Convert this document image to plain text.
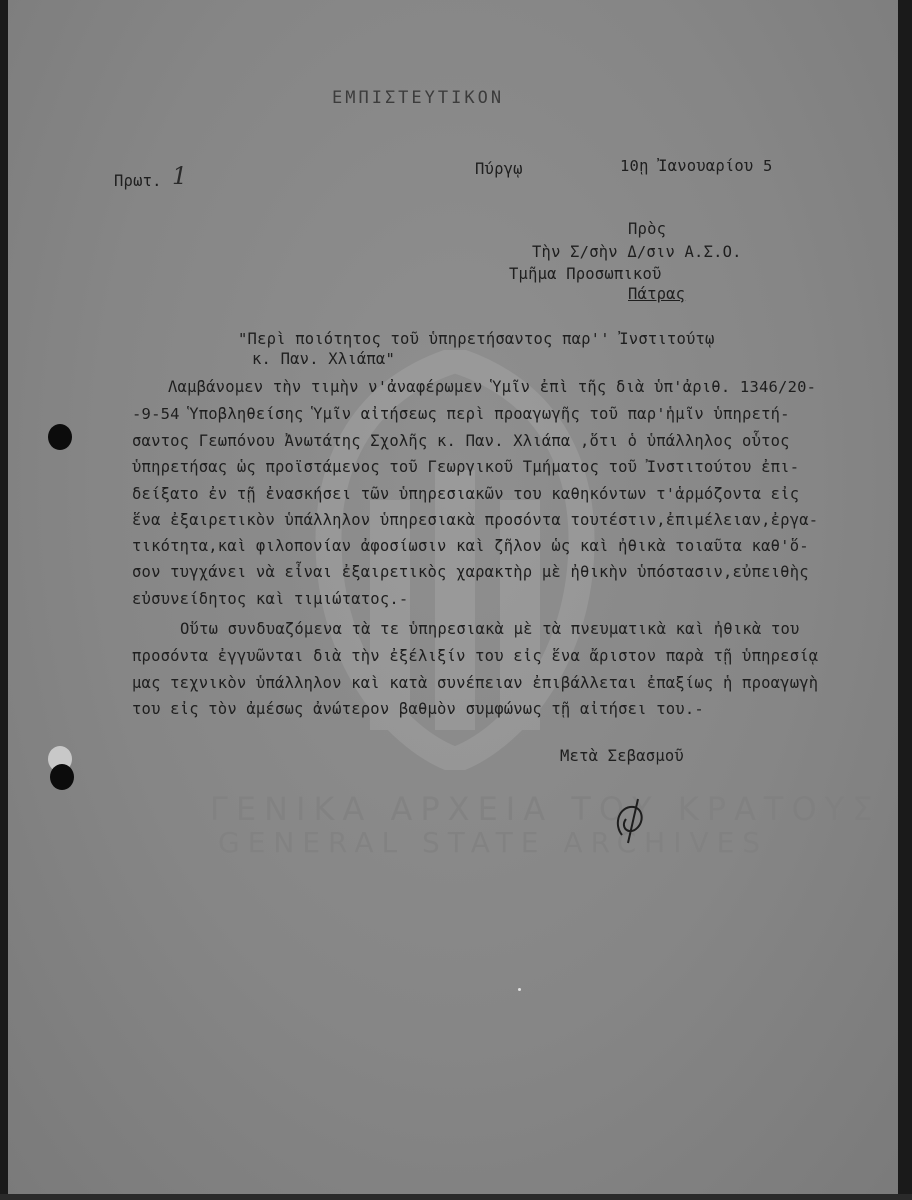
ΕΜΠΙΣΤΕΥΤΙΚΟΝ
Πρωτ. 1	Πύργῳ	10ῃ Ἰανουαρίου 5
Πρὸς
Τὴν Σ/σὴν Δ/σιν Α.Σ.Ο.
Τμῆμα Προσωπικοῦ
Πάτρας
"Περὶ ποιότητος τοῦ ὑπηρετήσαντος παρ'' Ἰνστιτούτῳ
κ. Παν. Χλιάπα"
Λαμβάνομεν τὴν τιμὴν ν'ἀναφέρωμεν Ὑμῖν ἐπὶ τῆς διὰ ὑπ'ἀριθ. 1346/20-
-9-54 Ὑποβληθείσης Ὑμῖν αἰτήσεως περὶ προαγωγῆς τοῦ παρ'ἡμῖν ὑπηρετή-
σαντος Γεωπόνου Ἀνωτάτης Σχολῆς κ. Παν. Χλιάπα ,ὅτι ὁ ὑπάλληλος οὗτος
ὑπηρετήσας ὡς προϊστάμενος τοῦ Γεωργικοῦ Τμήματος τοῦ Ἰνστιτούτου ἐπι-
δείξατο ἐν τῇ ἐνασκήσει τῶν ὑπηρεσιακῶν του καθηκόντων τ'ἁρμόζοντα εἰς
ἕνα ἐξαιρετικὸν ὑπάλληλον ὑπηρεσιακὰ προσόντα τουτέστιν,ἐπιμέλειαν,ἐργα-
τικότητα,καὶ φιλοπονίαν ἀφοσίωσιν καὶ ζῆλον ὡς καὶ ἠθικὰ τοιαῦτα καθ'ὅ-
σον τυγχάνει νὰ εἶναι ἐξαιρετικὸς χαρακτὴρ μὲ ἠθικὴν ὑπόστασιν,εὐπειθὴς
εὐσυνείδητος καὶ τιμιώτατος.-
Οὕτω συνδυαζόμενα τὰ τε ὑπηρεσιακὰ μὲ τὰ πνευματικὰ καὶ ἠθικὰ του
προσόντα ἐγγυῶνται διὰ τὴν ἐξέλιξίν του εἰς ἕνα ἄριστον παρὰ τῇ ὑπηρεσίᾳ
μας τεχνικὸν ὑπάλληλον καὶ κατὰ συνέπειαν ἐπιβάλλεται ἐπαξίως ἡ προαγωγὴ
του εἰς τὸν ἀμέσως ἀνώτερον βαθμὸν συμφώνως τῇ αἰτήσει του.-
Μετὰ Σεβασμοῦ
ΓΕΝΙΚΑ ΑΡΧΕΙΑ ΤΟΥ ΚΡΑΤΟΥΣ
GENERAL STATE ARCHIVES
